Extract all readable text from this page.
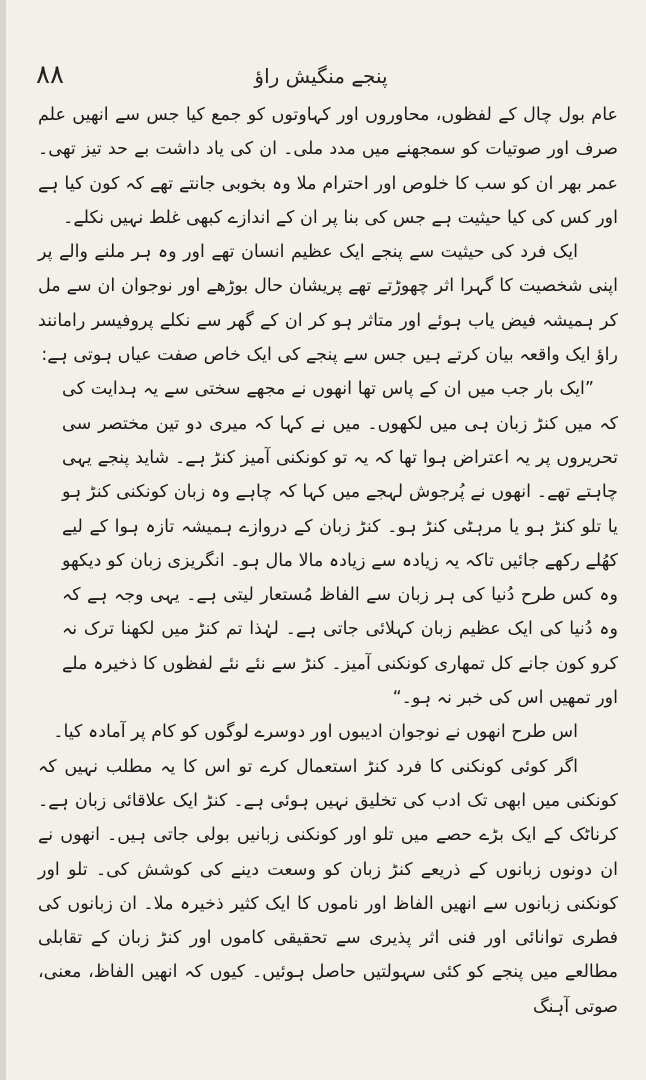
٨٨	پنجے منگیش راؤ

عام بول چال کے لفظوں، محاوروں اور کہاوتوں کو جمع کیا جس سے انھیں علم صرف اور صوتیات کو سمجھنے میں مدد ملی۔ ان کی یاد داشت بے حد تیز تھی۔ عمر بھر ان کو سب کا خلوص اور احترام ملا وہ بخوبی جانتے تھے کہ کون کیا ہے اور کس کی کیا حیثیت ہے جس کی بنا پر ان کے اندازے کبھی غلط نہیں نکلے۔

ایک فرد کی حیثیت سے پنجے ایک عظیم انسان تھے اور وہ ہر ملنے والے پر اپنی شخصیت کا گہرا اثر چھوڑتے تھے پریشان حال بوڑھے اور نوجوان ان سے مل کر ہمیشہ فیض یاب ہوئے اور متاثر ہو کر ان کے گھر سے نکلے پروفیسر رامانند راؤ ایک واقعہ بیان کرتے ہیں جس سے پنجے کی ایک خاص صفت عیاں ہوتی ہے:

”ایک بار جب میں ان کے پاس تھا انھوں نے مجھے سختی سے یہ ہدایت کی کہ میں کنڑ زبان ہی میں لکھوں۔ میں نے کہا کہ میری دو تین مختصر سی تحریروں پر یہ اعتراض ہوا تھا کہ یہ تو کونکنی آمیز کنڑ ہے۔ شاید پنجے یہی چاہتے تھے۔ انھوں نے پُرجوش لہجے میں کہا کہ چاہے وہ زبان کونکنی کنڑ ہو یا تلو کنڑ ہو یا مرہٹی کنڑ ہو۔ کنڑ زبان کے دروازے ہمیشہ تازہ ہوا کے لیے کھُلے رکھے جائیں تاکہ یہ زیادہ سے زیادہ مالا مال ہو۔ انگریزی زبان کو دیکھو وہ کس طرح دُنیا کی ہر زبان سے الفاظ مُستعار لیتی ہے۔ یہی وجہ ہے کہ وہ دُنیا کی ایک عظیم زبان کہلائی جاتی ہے۔ لہٰذا تم کنڑ میں لکھنا ترک نہ کرو کون جانے کل تمھاری کونکنی آمیز۔ کنڑ سے نئے نئے لفظوں کا ذخیرہ ملے اور تمھیں اس کی خبر نہ ہو۔“

اس طرح انھوں نے نوجوان ادیبوں اور دوسرے لوگوں کو کام پر آمادہ کیا۔

اگر کوئی کونکنی کا فرد کنڑ استعمال کرے تو اس کا یہ مطلب نہیں کہ کونکنی میں ابھی تک ادب کی تخلیق نہیں ہوئی ہے۔ کنڑ ایک علاقائی زبان ہے۔ کرناٹک کے ایک بڑے حصے میں تلو اور کونکنی زبانیں بولی جاتی ہیں۔ انھوں نے ان دونوں زبانوں کے ذریعے کنڑ زبان کو وسعت دینے کی کوشش کی۔ تلو اور کونکنی زبانوں سے انھیں الفاظ اور ناموں کا ایک کثیر ذخیرہ ملا۔ ان زبانوں کی فطری توانائی اور فنی اثر پذیری سے تحقیقی کاموں اور کنڑ زبان کے تقابلی مطالعے میں پنجے کو کئی سہولتیں حاصل ہوئیں۔ کیوں کہ انھیں الفاظ، معنی، صوتی آہنگ
